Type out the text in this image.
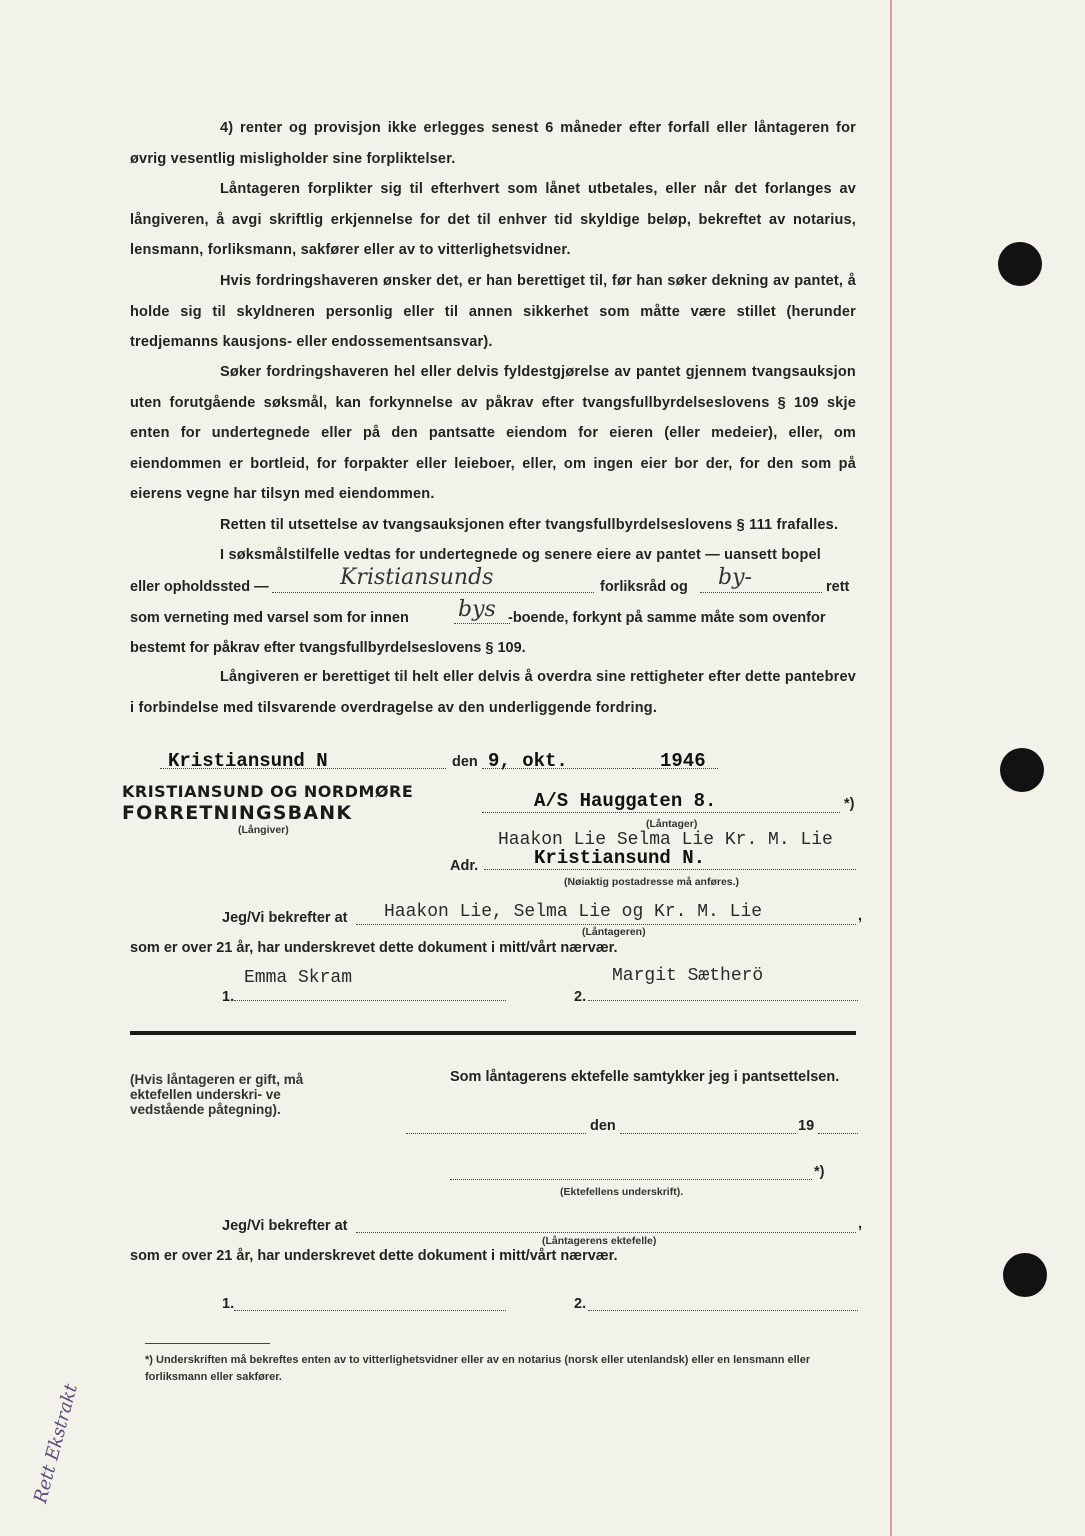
4) renter og provisjon ikke erlegges senest 6 måneder efter forfall eller låntageren for øvrig vesentlig misligholder sine forpliktelser.
Låntageren forplikter sig til efterhvert som lånet utbetales, eller når det forlanges av långiveren, å avgi skriftlig erkjennelse for det til enhver tid skyldige beløp, bekreftet av notarius, lensmann, forliksmann, sakfører eller av to vitterlighetsvidner.
Hvis fordringshaveren ønsker det, er han berettiget til, før han søker dekning av pantet, å holde sig til skyldneren personlig eller til annen sikkerhet som måtte være stillet (herunder tredjemanns kausjons- eller endossementsansvar).
Søker fordringshaveren hel eller delvis fyldestgjørelse av pantet gjennem tvangsauksjon uten forutgående søksmål, kan forkynnelse av påkrav efter tvangsfullbyrdelseslovens § 109 skje enten for undertegnede eller på den pantsatte eiendom for eieren (eller medeier), eller, om eiendommen er bortleid, for forpakter eller leieboer, eller, om ingen eier bor der, for den som på eierens vegne har tilsyn med eiendommen.
Retten til utsettelse av tvangsauksjonen efter tvangsfullbyrdelseslovens § 111 frafalles.
I søksmålstilfelle vedtas for undertegnede og senere eiere av pantet — uansett bopel
eller opholdssted —	Kristiansunds	forliksråd og by-	rett
som verneting med varsel som for innen bys -boende, forkynt på samme måte som ovenfor
bestemt for påkrav efter tvangsfullbyrdelseslovens § 109.
Långiveren er berettiget til helt eller delvis å overdra sine rettigheter efter dette pantebrev i forbindelse med tilsvarende overdragelse av den underliggende fordring.
Kristiansund N	den 9, okt.	1946
KRISTIANSUND OG NORDMØRE
FORRETNINGSBANK
(Långiver)
A/S Hauggaten 8.	*)
(Låntager)
Haakon Lie Selma Lie Kr. M. Lie
Adr.	Kristiansund N.
(Nøiaktig postadresse må anføres.)
Jeg/Vi bekrefter at Haakon Lie, Selma Lie og Kr. M. Lie	,
(Låntageren)
som er over 21 år, har underskrevet dette dokument i mitt/vårt nærvær.
1.
Emma Skram
2.
Margit Sætherö
(Hvis låntageren er gift, må ektefellen underskri- ve vedstående påtegning).
Som låntagerens ektefelle samtykker jeg i pantsettelsen.
den	19
*)
(Ektefellens underskrift).
Jeg/Vi bekrefter at	,
(Låntagerens ektefelle)
som er over 21 år, har underskrevet dette dokument i mitt/vårt nærvær.
1.	2.
*) Underskriften må bekreftes enten av to vitterlighetsvidner eller av en notarius (norsk eller utenlandsk) eller en lensmann eller forliksmann eller sakfører.
Rett Ekstrakt
